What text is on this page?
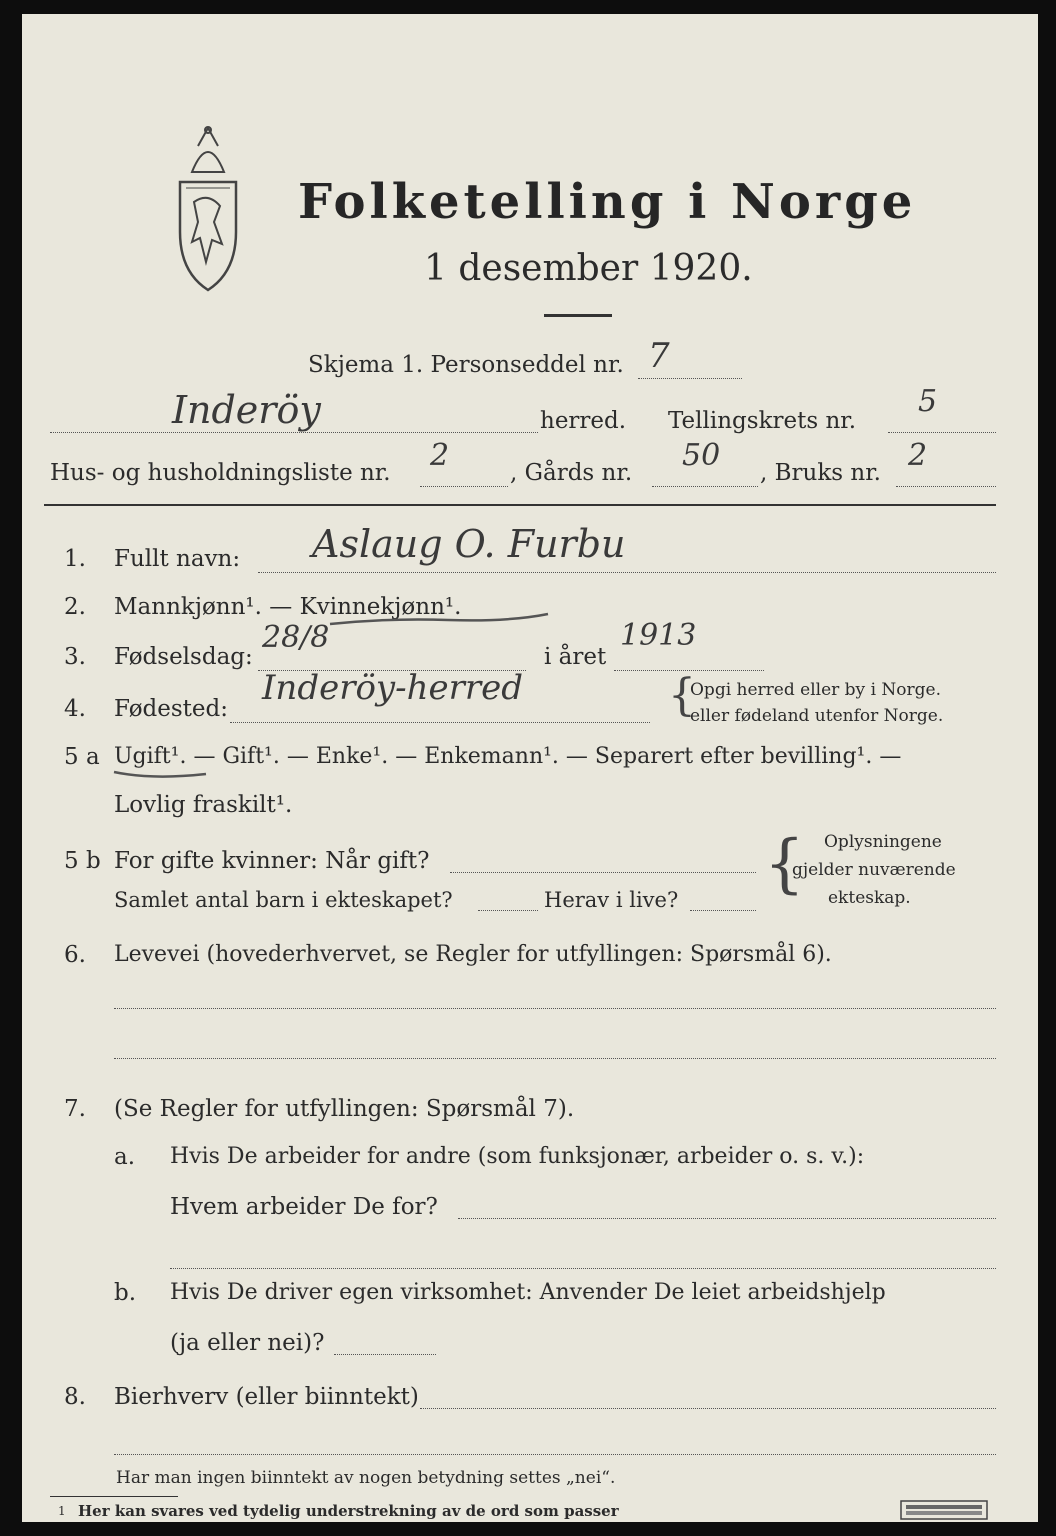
Folketelling i Norge
1 desember 1920.
Skjema 1. Personseddel nr. 7
Inderöy	herred. Tellingskrets nr.
5
Hus- og husholdningsliste nr. 2	, Gårds nr. 50 , Bruks nr. 2
1. Fullt navn: Aslaug O. Furbu
2. Mannkjønn¹. — Kvinnekjønn¹.
3. Fødselsdag:
28/8
i året
1913
4. Fødested:
Inderöy-herred	{
Opgi herred eller by i Norge.
eller fødeland utenfor Norge.
5 a Ugift¹. — Gift¹. — Enke¹. — Enkemann¹. — Separert efter bevilling¹. —
Lovlig fraskilt¹.
5 b For gifte kvinner: Når gift?
Samlet antal barn i ekteskapet?	Herav i live? { Oplysningene
gjelder nuværende
ekteskap.
6. Levevei (hovederhvervet, se Regler for utfyllingen: Spørsmål 6).
7. (Se Regler for utfyllingen: Spørsmål 7).
a. Hvis De arbeider for andre (som funksjonær, arbeider o. s. v.):
Hvem arbeider De for?
b. Hvis De driver egen virksomhet: Anvender De leiet arbeidshjelp
(ja eller nei)?
8. Bierhverv (eller biinntekt)
Har man ingen biinntekt av nogen betydning settes „nei“.
1 Her kan svares ved tydelig understrekning av de ord som passer
